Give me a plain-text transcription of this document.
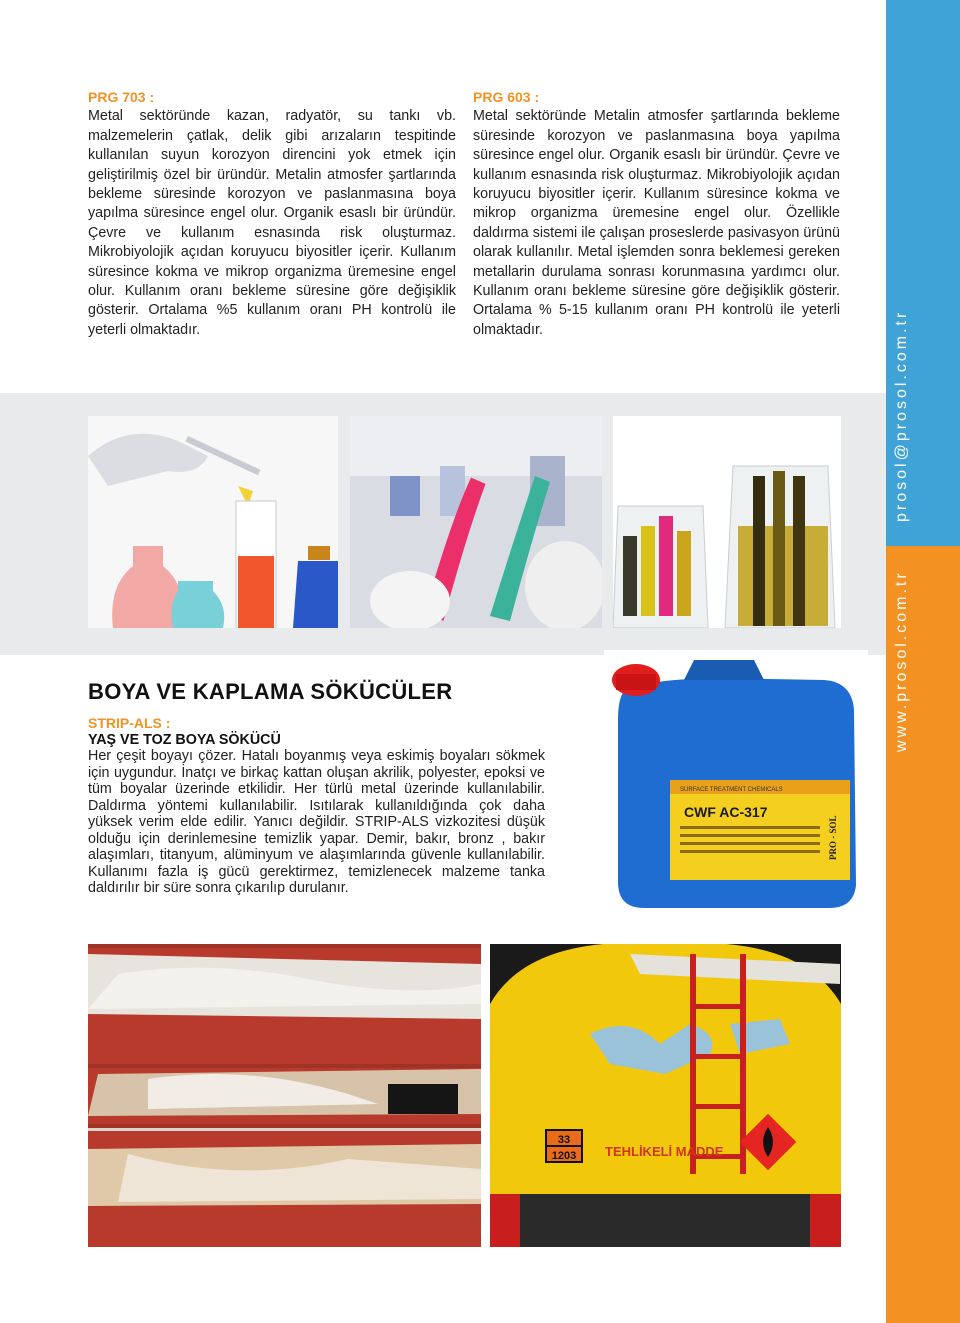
prosol@prosol.com.tr
www.prosol.com.tr
PRG 703 :

Metal sektöründe kazan, radyatör, su tankı vb. malzemelerin çatlak, delik gibi arızaların tespitinde kullanılan suyun korozyon direncini yok etmek için geliştirilmiş özel bir üründür. Metalin atmosfer şartlarında bekleme süresinde korozyon ve paslanmasına boya yapılma süresince engel olur. Organik esaslı bir üründür. Çevre ve kullanım esnasında risk oluşturmaz. Mikrobiyolojik açıdan koruyucu biyositler içerir. Kullanım süresince kokma ve mikrop organizma üremesine engel olur. Kullanım oranı bekleme süresine göre değişiklik gösterir. Ortalama %5 kullanım oranı PH kontrolü ile yeterli olmaktadır.

PRG 603 :

Metal sektöründe Metalin atmosfer şartlarında bekleme süresinde korozyon ve paslanmasına boya yapılma süresince engel olur. Organik esaslı bir üründür. Çevre ve kullanım esnasında risk oluşturmaz. Mikrobiyolojik açıdan koruyucu biyositler içerir. Kullanım süresince kokma ve mikrop organizma üremesine engel olur. Özellikle daldırma sistemi ile çalışan proseslerde pasivasyon ürünü olarak kullanılır. Metal işlemden sonra beklemesi gereken metallarin durulama sonrası korunmasına yardımcı olur. Kullanım oranı bekleme süresine göre değişiklik gösterir. Ortalama % 5-15 kullanım oranı PH kontrolü ile yeterli olmaktadır.

SURFACE TREATMENT CHEMICALS
CWF AC-317
PRO - SOL
BOYA VE KAPLAMA SÖKÜCÜLER
STRIP-ALS :
YAŞ VE TOZ BOYA SÖKÜCÜ

Her çeşit boyayı çözer. Hatalı boyanmış veya eskimiş boyaları sökmek için uygundur. İnatçı ve birkaç kattan oluşan akrilik, polyester, epoksi ve tüm boyalar üzerinde etkilidir. Her türlü metal üzerinde kullanılabilir. Daldırma yöntemi kullanılabilir. Isıtılarak kullanıldığında çok daha yüksek verim elde edilir. Yanıcı değildir. STRIP-ALS vizkozitesi düşük olduğu için derinlemesine temizlik yapar. Demir, bakır, bronz , bakır alaşımları, titanyum, alüminyum ve alaşımlarında güvenle kullanılabilir. Kullanımı fazla iş gücü gerektirmez, temizlenecek malzeme tanka daldırılır bir süre sonra çıkarılıp durulanır.

33
1203 TEHLİKELİ MADDE
